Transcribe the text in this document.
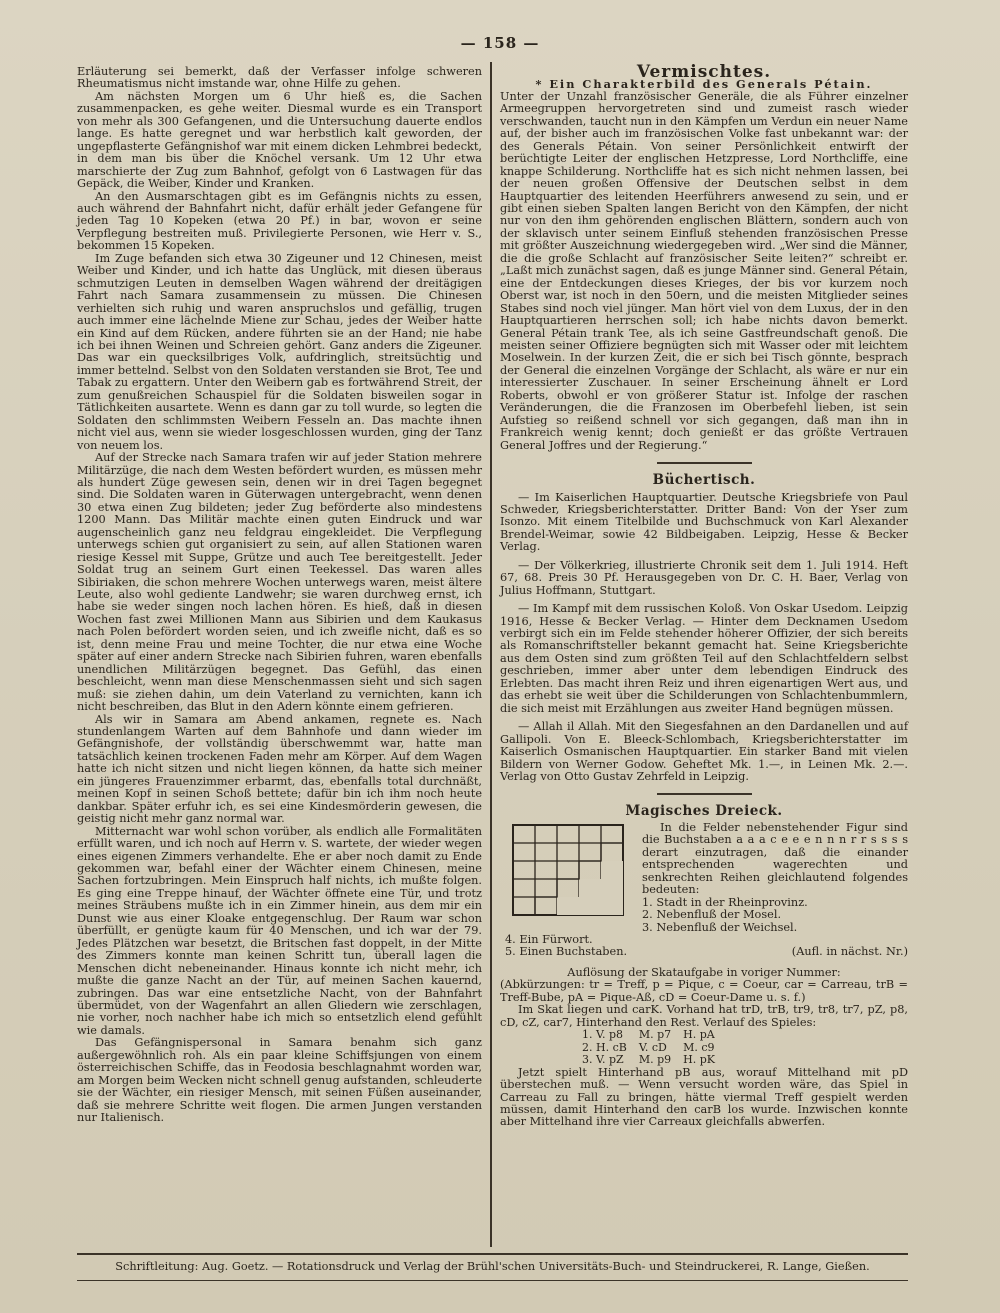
— 158 —

Erläuterung sei bemerkt, daß der Verfasser infolge schweren Rheumatismus nicht imstande war, ohne Hilfe zu gehen.

Am nächsten Morgen um 6 Uhr hieß es, die Sachen zusammenpacken, es gehe weiter. Diesmal wurde es ein Transport von mehr als 300 Gefangenen, und die Untersuchung dauerte endlos lange. Es hatte geregnet und war herbstlich kalt geworden, der ungepflasterte Gefängnishof war mit einem dicken Lehmbrei bedeckt, in dem man bis über die Knöchel versank. Um 12 Uhr etwa marschierte der Zug zum Bahnhof, gefolgt von 6 Lastwagen für das Gepäck, die Weiber, Kinder und Kranken.

An den Ausmarschtagen gibt es im Gefängnis nichts zu essen, auch während der Bahnfahrt nicht, dafür erhält jeder Gefangene für jeden Tag 10 Kopeken (etwa 20 Pf.) in bar, wovon er seine Verpflegung bestreiten muß. Privilegierte Personen, wie Herr v. S., bekommen 15 Kopeken.

Im Zuge befanden sich etwa 30 Zigeuner und 12 Chinesen, meist Weiber und Kinder, und ich hatte das Unglück, mit diesen überaus schmutzigen Leuten in demselben Wagen während der dreitägigen Fahrt nach Samara zusammensein zu müssen. Die Chinesen verhielten sich ruhig und waren anspruchslos und gefällig, trugen auch immer eine lächelnde Miene zur Schau, jedes der Weiber hatte ein Kind auf dem Rücken, andere führten sie an der Hand; nie habe ich bei ihnen Weinen und Schreien gehört. Ganz anders die Zigeuner. Das war ein quecksilbriges Volk, aufdringlich, streitsüchtig und immer bettelnd. Selbst von den Soldaten verstanden sie Brot, Tee und Tabak zu ergattern. Unter den Weibern gab es fortwährend Streit, der zum genußreichen Schauspiel für die Soldaten bisweilen sogar in Tätlichkeiten ausartete. Wenn es dann gar zu toll wurde, so legten die Soldaten den schlimmsten Weibern Fesseln an. Das machte ihnen nicht viel aus, wenn sie wieder losgeschlossen wurden, ging der Tanz von neuem los.

Auf der Strecke nach Samara trafen wir auf jeder Station mehrere Militärzüge, die nach dem Westen befördert wurden, es müssen mehr als hundert Züge gewesen sein, denen wir in drei Tagen begegnet sind. Die Soldaten waren in Güterwagen untergebracht, wenn denen 30 etwa einen Zug bildeten; jeder Zug beförderte also mindestens 1200 Mann. Das Militär machte einen guten Eindruck und war augenscheinlich ganz neu feldgrau eingekleidet. Die Verpflegung unterwegs schien gut organisiert zu sein, auf allen Stationen waren riesige Kessel mit Suppe, Grütze und auch Tee bereitgestellt. Jeder Soldat trug an seinem Gurt einen Teekessel. Das waren alles Sibiriaken, die schon mehrere Wochen unterwegs waren, meist ältere Leute, also wohl gediente Landwehr; sie waren durchweg ernst, ich habe sie weder singen noch lachen hören. Es hieß, daß in diesen Wochen fast zwei Millionen Mann aus Sibirien und dem Kaukasus nach Polen befördert worden seien, und ich zweifle nicht, daß es so ist, denn meine Frau und meine Tochter, die nur etwa eine Woche später auf einer andern Strecke nach Sibirien fuhren, waren ebenfalls unendlichen Militärzügen begegnet. Das Gefühl, das einen beschleicht, wenn man diese Menschenmassen sieht und sich sagen muß: sie ziehen dahin, um dein Vaterland zu vernichten, kann ich nicht beschreiben, das Blut in den Adern könnte einem gefrieren.

Als wir in Samara am Abend ankamen, regnete es. Nach stundenlangem Warten auf dem Bahnhofe und dann wieder im Gefängnishofe, der vollständig überschwemmt war, hatte man tatsächlich keinen trockenen Faden mehr am Körper. Auf dem Wagen hatte ich nicht sitzen und nicht liegen können, da hatte sich meiner ein jüngeres Frauenzimmer erbarmt, das, ebenfalls total durchnäßt, meinen Kopf in seinen Schoß bettete; dafür bin ich ihm noch heute dankbar. Später erfuhr ich, es sei eine Kindesmörderin gewesen, die geistig nicht mehr ganz normal war.

Mitternacht war wohl schon vorüber, als endlich alle Formalitäten erfüllt waren, und ich noch auf Herrn v. S. wartete, der wieder wegen eines eigenen Zimmers verhandelte. Ehe er aber noch damit zu Ende gekommen war, befahl einer der Wächter einem Chinesen, meine Sachen fortzubringen. Mein Einspruch half nichts, ich mußte folgen. Es ging eine Treppe hinauf, der Wächter öffnete eine Tür, und trotz meines Sträubens mußte ich in ein Zimmer hinein, aus dem mir ein Dunst wie aus einer Kloake entgegenschlug. Der Raum war schon überfüllt, er genügte kaum für 40 Menschen, und ich war der 79. Jedes Plätzchen war besetzt, die Britschen fast doppelt, in der Mitte des Zimmers konnte man keinen Schritt tun, überall lagen die Menschen dicht nebeneinander. Hinaus konnte ich nicht mehr, ich mußte die ganze Nacht an der Tür, auf meinen Sachen kauernd, zubringen. Das war eine entsetzliche Nacht, von der Bahnfahrt übermüdet, von der Wagenfahrt an allen Gliedern wie zerschlagen, nie vorher, noch nachher habe ich mich so entsetzlich elend gefühlt wie damals.

Das Gefängnispersonal in Samara benahm sich ganz außergewöhnlich roh. Als ein paar kleine Schiffsjungen von einem österreichischen Schiffe, das in Feodosia beschlagnahmt worden war, am Morgen beim Wecken nicht schnell genug aufstanden, schleuderte sie der Wächter, ein riesiger Mensch, mit seinen Füßen auseinander, daß sie mehrere Schritte weit flogen. Die armen Jungen verstanden nur Italienisch.

Vermischtes.

* Ein Charakterbild des Generals Pétain.

Unter der Unzahl französischer Generäle, die als Führer einzelner Armeegruppen hervorgetreten sind und zumeist rasch wieder verschwanden, taucht nun in den Kämpfen um Verdun ein neuer Name auf, der bisher auch im französischen Volke fast unbekannt war: der des Generals Pétain. Von seiner Persönlichkeit entwirft der berüchtigte Leiter der englischen Hetzpresse, Lord Northcliffe, eine knappe Schilderung. Northcliffe hat es sich nicht nehmen lassen, bei der neuen großen Offensive der Deutschen selbst in dem Hauptquartier des leitenden Heerführers anwesend zu sein, und er gibt einen sieben Spalten langen Bericht von den Kämpfen, der nicht nur von den ihm gehörenden englischen Blättern, sondern auch von der sklavisch unter seinem Einfluß stehenden französischen Presse mit größter Auszeichnung wiedergegeben wird. „Wer sind die Männer, die die große Schlacht auf französischer Seite leiten?“ schreibt er. „Laßt mich zunächst sagen, daß es junge Männer sind. General Pétain, eine der Entdeckungen dieses Krieges, der bis vor kurzem noch Oberst war, ist noch in den 50ern, und die meisten Mitglieder seines Stabes sind noch viel jünger. Man hört viel von dem Luxus, der in den Hauptquartieren herrschen soll; ich habe nichts davon bemerkt. General Pétain trank Tee, als ich seine Gastfreundschaft genoß. Die meisten seiner Offiziere begnügten sich mit Wasser oder mit leichtem Moselwein. In der kurzen Zeit, die er sich bei Tisch gönnte, besprach der General die einzelnen Vorgänge der Schlacht, als wäre er nur ein interessierter Zuschauer. In seiner Erscheinung ähnelt er Lord Roberts, obwohl er von größerer Statur ist. Infolge der raschen Veränderungen, die die Franzosen im Oberbefehl lieben, ist sein Aufstieg so reißend schnell vor sich gegangen, daß man ihn in Frankreich wenig kennt; doch genießt er das größte Vertrauen General Joffres und der Regierung.“

Büchertisch.

— Im Kaiserlichen Hauptquartier. Deutsche Kriegsbriefe von Paul Schweder, Kriegsberichterstatter. Dritter Band: Von der Yser zum Isonzo. Mit einem Titelbilde und Buchschmuck von Karl Alexander Brendel-Weimar, sowie 42 Bildbeigaben. Leipzig, Hesse & Becker Verlag.

— Der Völkerkrieg, illustrierte Chronik seit dem 1. Juli 1914. Heft 67, 68. Preis 30 Pf. Herausgegeben von Dr. C. H. Baer, Verlag von Julius Hoffmann, Stuttgart.

— Im Kampf mit dem russischen Koloß. Von Oskar Usedom. Leipzig 1916, Hesse & Becker Verlag. — Hinter dem Decknamen Usedom verbirgt sich ein im Felde stehender höherer Offizier, der sich bereits als Romanschriftsteller bekannt gemacht hat. Seine Kriegsberichte aus dem Osten sind zum größten Teil auf den Schlachtfeldern selbst geschrieben, immer aber unter dem lebendigen Eindruck des Erlebten. Das macht ihren Reiz und ihren eigenartigen Wert aus, und das erhebt sie weit über die Schilderungen von Schlachtenbummlern, die sich meist mit Erzählungen aus zweiter Hand begnügen müssen.

— Allah il Allah. Mit den Siegesfahnen an den Dardanellen und auf Gallipoli. Von E. Bleeck-Schlombach, Kriegsberichterstatter im Kaiserlich Osmanischen Hauptquartier. Ein starker Band mit vielen Bildern von Werner Godow. Geheftet Mk. 1.—, in Leinen Mk. 2.—. Verlag von Otto Gustav Zehrfeld in Leipzig.

Magisches Dreieck.

In die Felder nebenstehender Figur sind die Buchstaben a a a c e e e n n n r r s s s s derart einzutragen, daß die einander entsprechenden wagerechten und senkrechten Reihen gleichlautend folgendes bedeuten:

1. Stadt in der Rheinprovinz.
2. Nebenfluß der Mosel.
3. Nebenfluß der Weichsel.
4. Ein Fürwort.
5. Einen Buchstaben.	(Aufl. in nächst. Nr.)

Auflösung der Skataufgabe in voriger Nummer:

(Abkürzungen: tr = Treff, p = Pique, c = Coeur, car = Carreau, trB = Treff-Bube, pA = Pique-Aß, cD = Coeur-Dame u. s. f.)

Im Skat liegen und carK. Vorhand hat trD, trB, tr9, tr8, tr7, pZ, p8, cD, cZ, car7, Hinterhand den Rest. Verlauf des Spieles:

1. V. p8	M. p7	H. pA
2. H. cB	V. cD	M. c9
3. V. pZ	M. p9	H. pK

Jetzt spielt Hinterhand pB aus, worauf Mittelhand mit pD überstechen muß. — Wenn versucht worden wäre, das Spiel in Carreau zu Fall zu bringen, hätte viermal Treff gespielt werden müssen, damit Hinterhand den carB los wurde. Inzwischen konnte aber Mittelhand ihre vier Carreaux gleichfalls abwerfen.

Schriftleitung: Aug. Goetz. — Rotationsdruck und Verlag der Brühl'schen Universitäts-Buch- und Steindruckerei, R. Lange, Gießen.
